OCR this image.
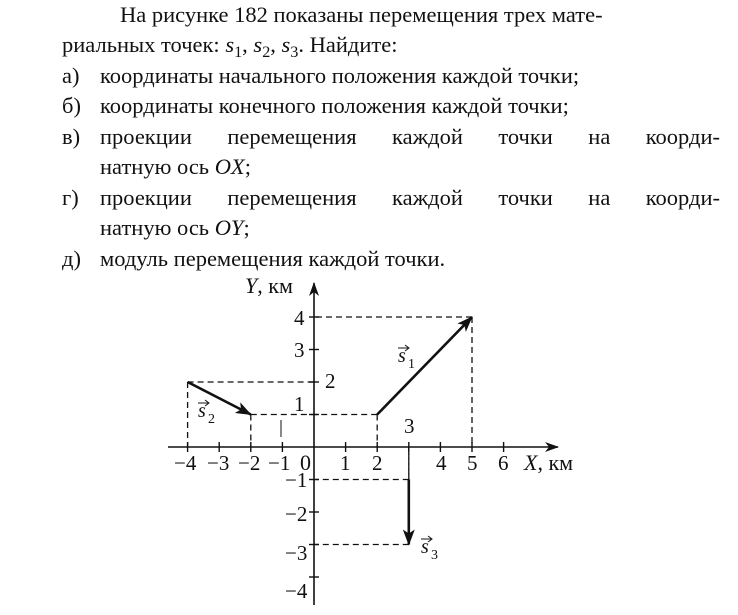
На рисунке 182 показаны перемещения трех мате-
риальных точек: $s_1$, $s_2$, $s_3$. Найдите:
а) координаты начального положения каждой точки;
б) координаты конечного положения каждой точки;
в) проекции перемещения каждой точки на коорди-
натную ось OX;
г) проекции перемещения каждой точки на коорди-
натную ось OY;
д) модуль перемещения каждой точки.
Y, км
X, км
0
−4 −3 −2 −1 1 2
3
4 5 6
4
3
2
1
−1
−2
−3
−4
s 1
s 2
s 3
